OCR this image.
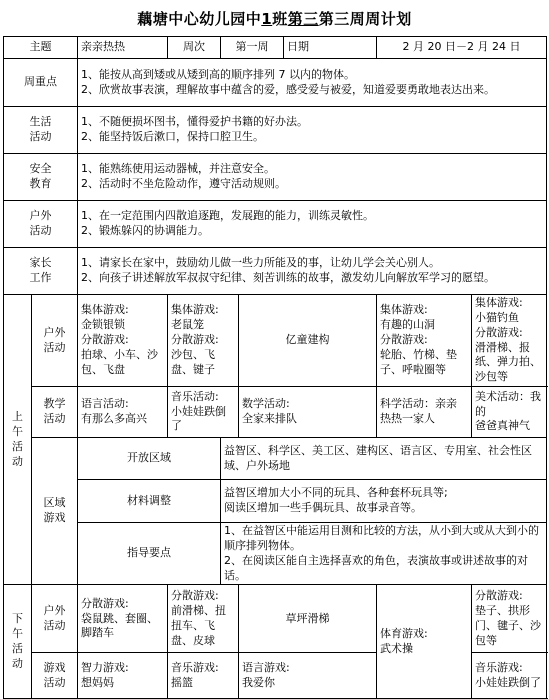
藕塘中心幼儿园中1班第三第三周周计划
主题		亲亲热热	周次	第一周		日期	2 月 20 日－2 月 24 日	
周重点		1、能按从高到矮或从矮到高的顺序排列 7 以内的物体。
2、欣赏故事表演，理解故事中蕴含的爱，感受爱与被爱，知道爱要勇敢地表达出来。						

生活
活动		1、不随便损坏图书，懂得爱护书籍的好办法。
2、能坚持饭后漱口，保持口腔卫生。						

安全
教育		1、能熟练使用运动器械，并注意安全。
2、活动时不坐危险动作，遵守活动规则。						

户外
活动		1、在一定范围内四散追逐跑，发展跑的能力，训练灵敏性。
2、锻炼躲闪的协调能力。						

家长
工作		1、请家长在家中，鼓励幼儿做一些力所能及的事，让幼儿学会关心别人。
2、向孩子讲述解放军叔叔守纪律、刻苦训练的故事，激发幼儿向解放军学习的愿望。						

上
午
活
动	户外
活动	集体游戏:
金锁银锁
分散游戏:
拍球、小车、沙包、飞盘	集体游戏:
老鼠笼
分散游戏:
沙包、飞盘、键子		亿童建构		集体游戏:
有趣的山洞
分散游戏:
轮胎、竹梯、垫子、呼啦圈等	集体游戏:
小猫钓鱼
分散游戏:
滑滑梯、报纸、弹力拍、沙包等

	教学
活动	语言活动:
有那么多高兴	音乐活动:
小娃娃跌倒了		数学活动:
全家来排队		科学活动：亲亲
热热一家人	美术活动：我的
爸爸真神气

	区域
游戏	开放区域		益智区、科学区、美工区、建构区、语言区、专用室、社会性区域、户外场地				
		材料调整		益智区增加大小不同的玩具、各种套杯玩具等;
阅读区增加一些手偶玩具、故事录音等。				

		指导要点		1、在益智区中能运用目测和比较的方法，从小到大或从大到小的顺序排列物体。
2、在阅读区能自主选择喜欢的角色，表演故事或讲述故事的对话。				

下
午
活
动	户外
活动	分散游戏:
袋鼠跳、套圈、脚踏车	分散游戏:
前滑梯、扭扭车、飞盘、皮球		草坪滑梯		体育游戏:
武术操	分散游戏:
垫子、拱形门、毽子、沙包等

	游戏
活动	智力游戏:
想妈妈	音乐游戏:
摇篮		语言游戏:
我爱你			音乐游戏:
小娃娃跌倒了
